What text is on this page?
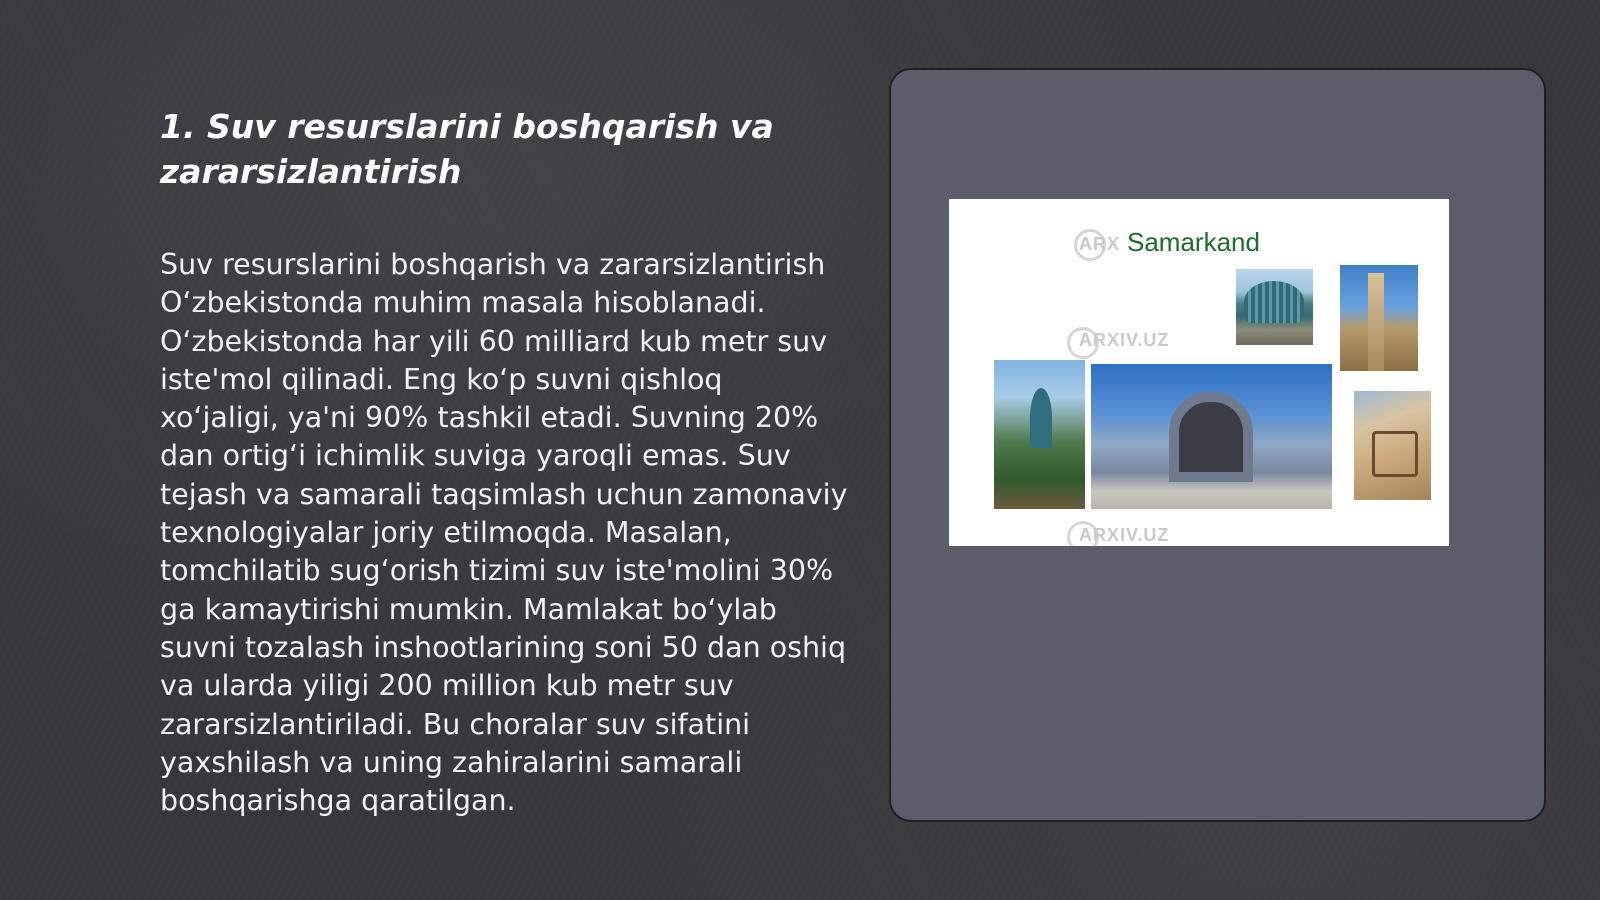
1. Suv resurslarini boshqarish va zararsizlantirish

Suv resurslarini boshqarish va zararsizlantirish O‘zbekistonda muhim masala hisoblanadi. O‘zbekistonda har yili 60 milliard kub metr suv iste'mol qilinadi. Eng ko‘p suvni qishloq xo‘jaligi, ya'ni 90% tashkil etadi. Suvning 20% dan ortig‘i ichimlik suviga yaroqli emas. Suv tejash va samarali taqsimlash uchun zamonaviy texnologiyalar joriy etilmoqda. Masalan, tomchilatib sug‘orish tizimi suv iste'molini 30% ga kamaytirishi mumkin. Mamlakat bo‘ylab suvni tozalash inshootlarining soni 50 dan oshiq va ularda yiligi 200 million kub metr suv zararsizlantiriladi. Bu choralar suv sifatini yaxshilash va uning zahiralarini samarali boshqarishga qaratilgan.

ARX Samarkand
ARXIV.UZ
ARXIV.UZ
